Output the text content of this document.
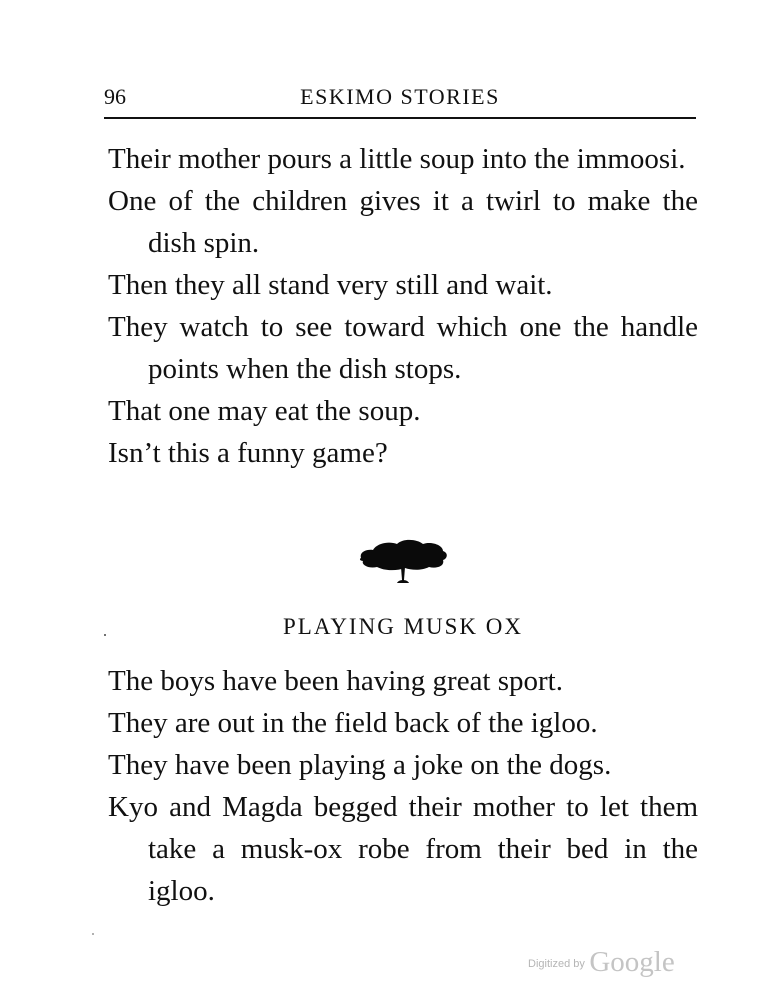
96	ESKIMO STORIES

Their mother pours a little soup into the immoosi.

One of the children gives it a twirl to make the dish spin.

Then they all stand very still and wait.

They watch to see toward which one the handle points when the dish stops.

That one may eat the soup.

Isn’t this a funny game?

PLAYING MUSK OX

The boys have been having great sport.

They are out in the field back of the igloo.

They have been playing a joke on the dogs.

Kyo and Magda begged their mother to let them take a musk-ox robe from their bed in the igloo.

$^{Digitized by}$ Google
